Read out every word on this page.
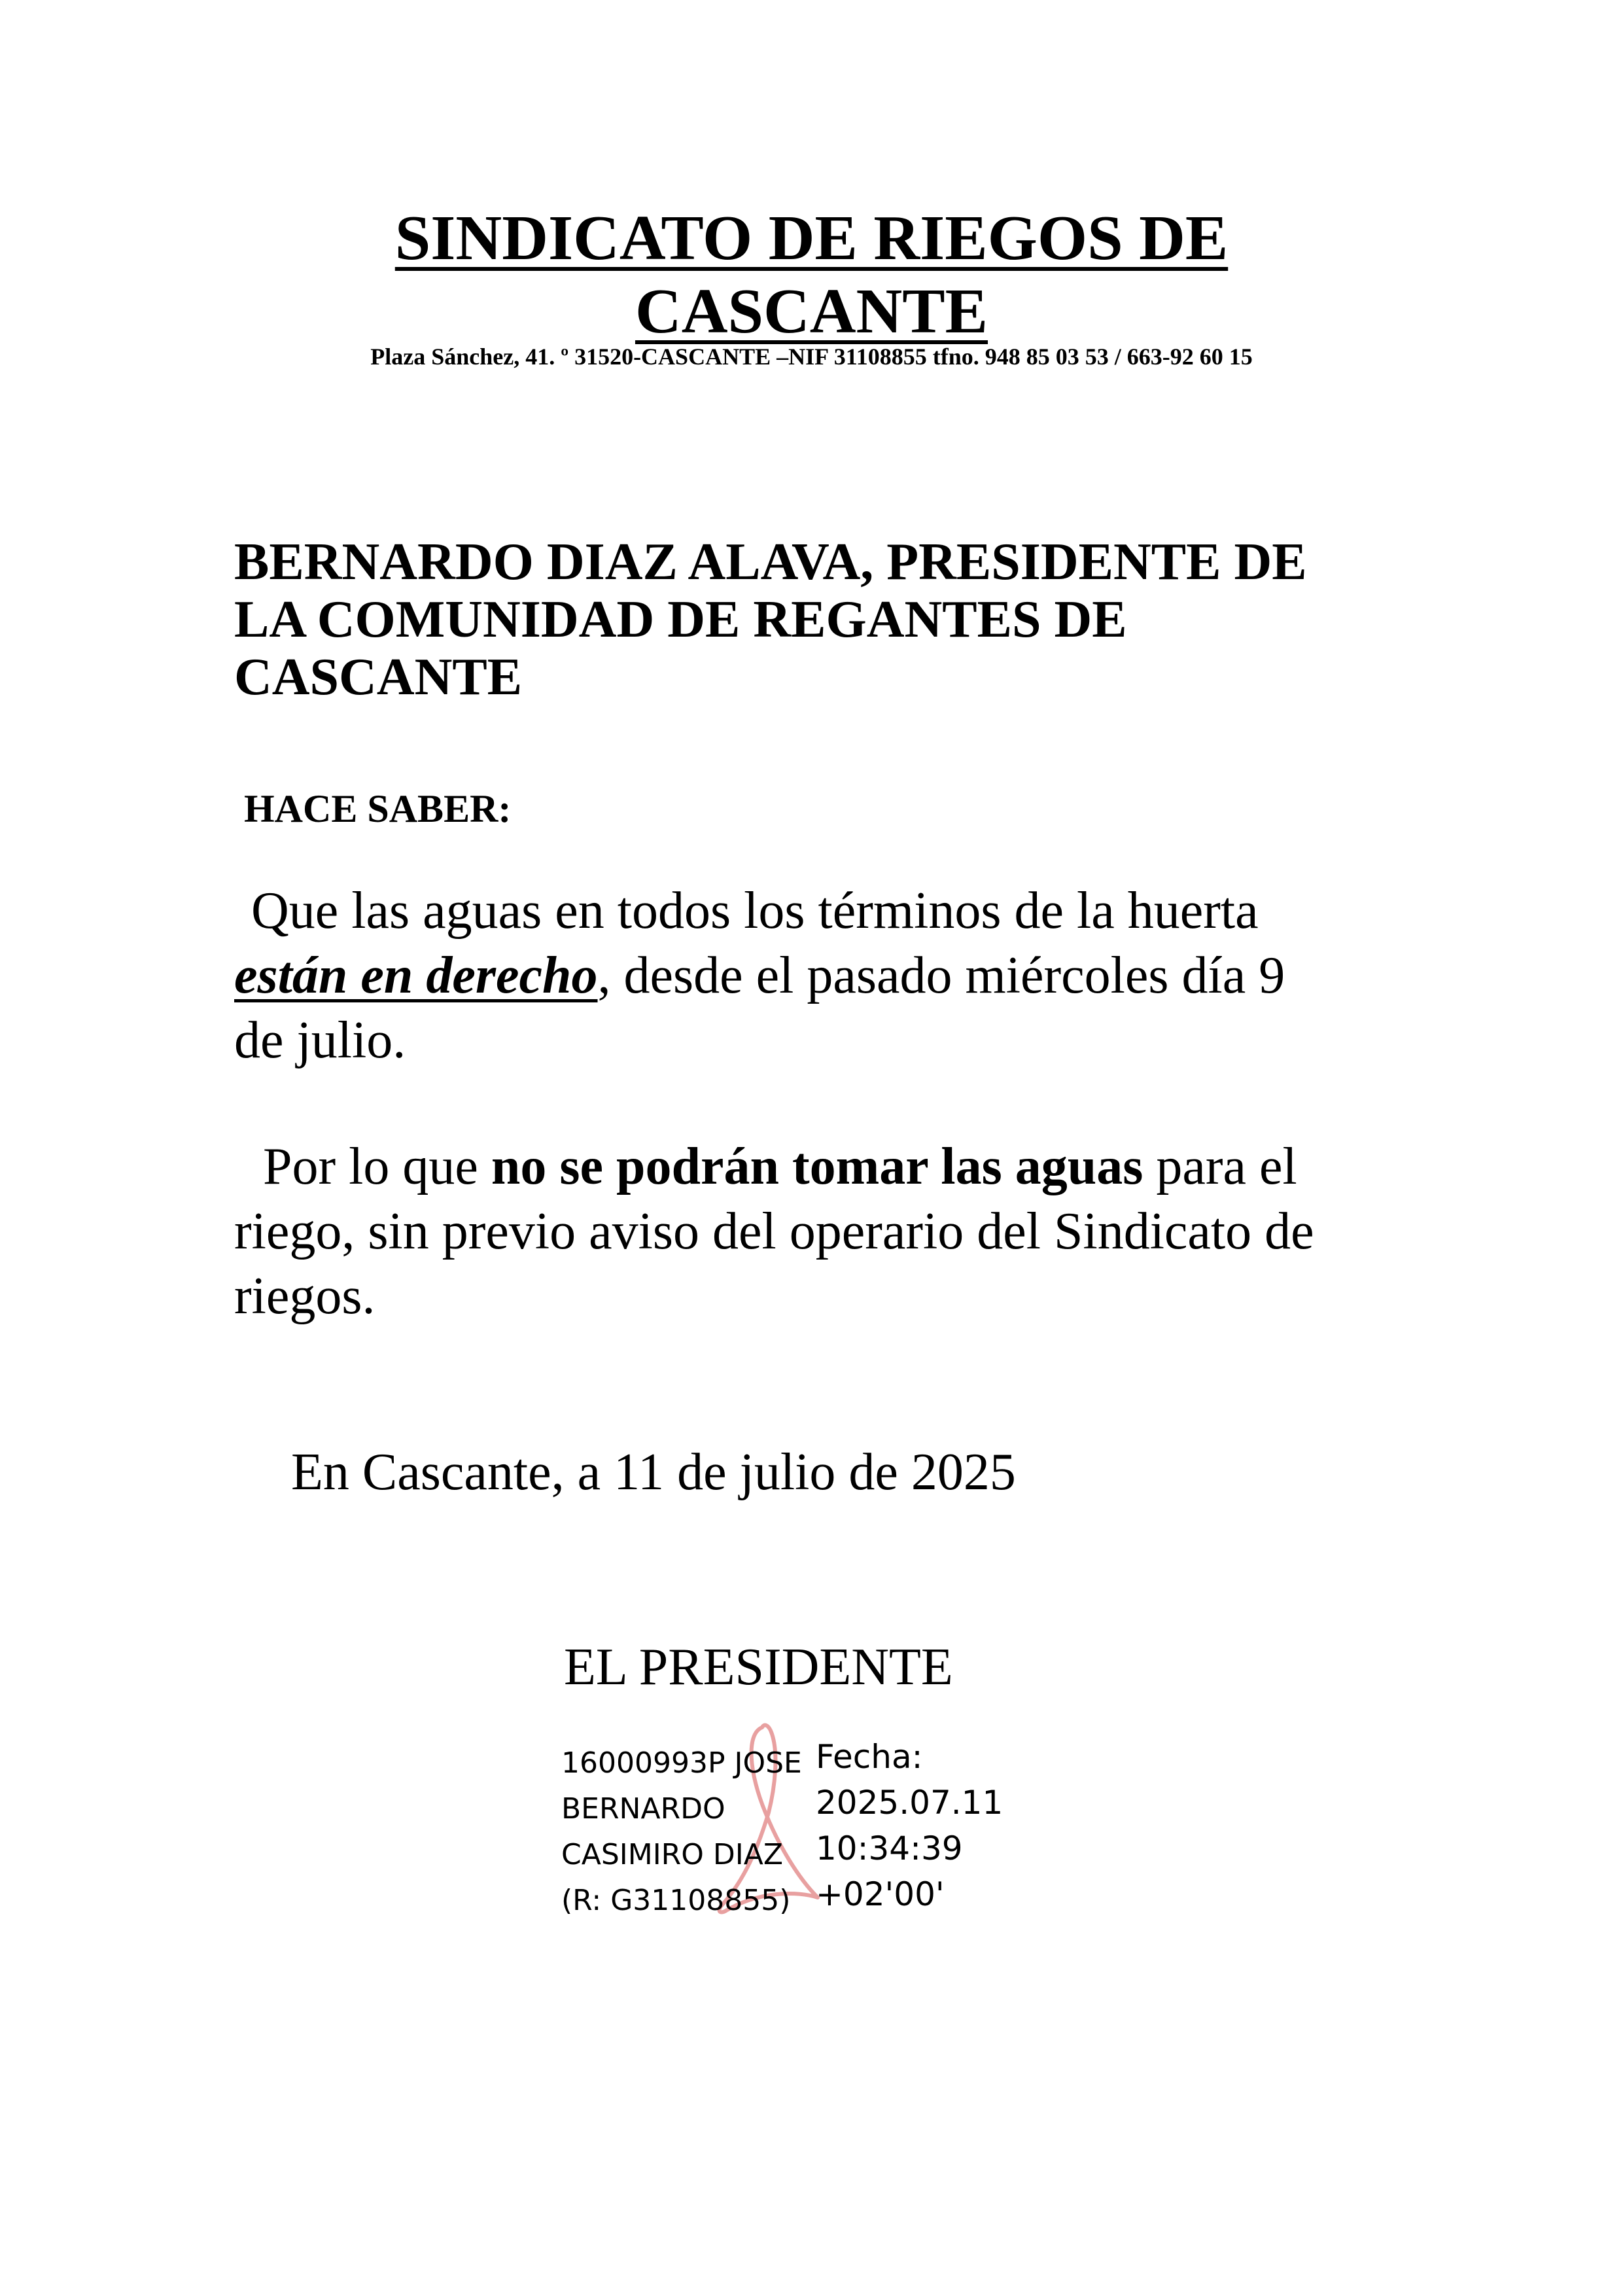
SINDICATO DE RIEGOS DE
CASCANTE
Plaza Sánchez, 41. º 31520-CASCANTE –NIF 31108855 tfno. 948 85 03 53 / 663-92 60 15
BERNARDO DIAZ ALAVA, PRESIDENTE DE
LA COMUNIDAD DE REGANTES DE
CASCANTE
HACE SABER:
Que las aguas en todos los términos de la huerta
están en derecho, desde el pasado miércoles día 9
de julio.
Por lo que no se podrán tomar las aguas para el
riego, sin previo aviso del operario del Sindicato de
riegos.
En Cascante, a 11 de julio de 2025
EL PRESIDENTE
16000993P JOSE
BERNARDO
CASIMIRO DIAZ
(R: G31108855)
Fecha:
2025.07.11
10:34:39
+02'00'
